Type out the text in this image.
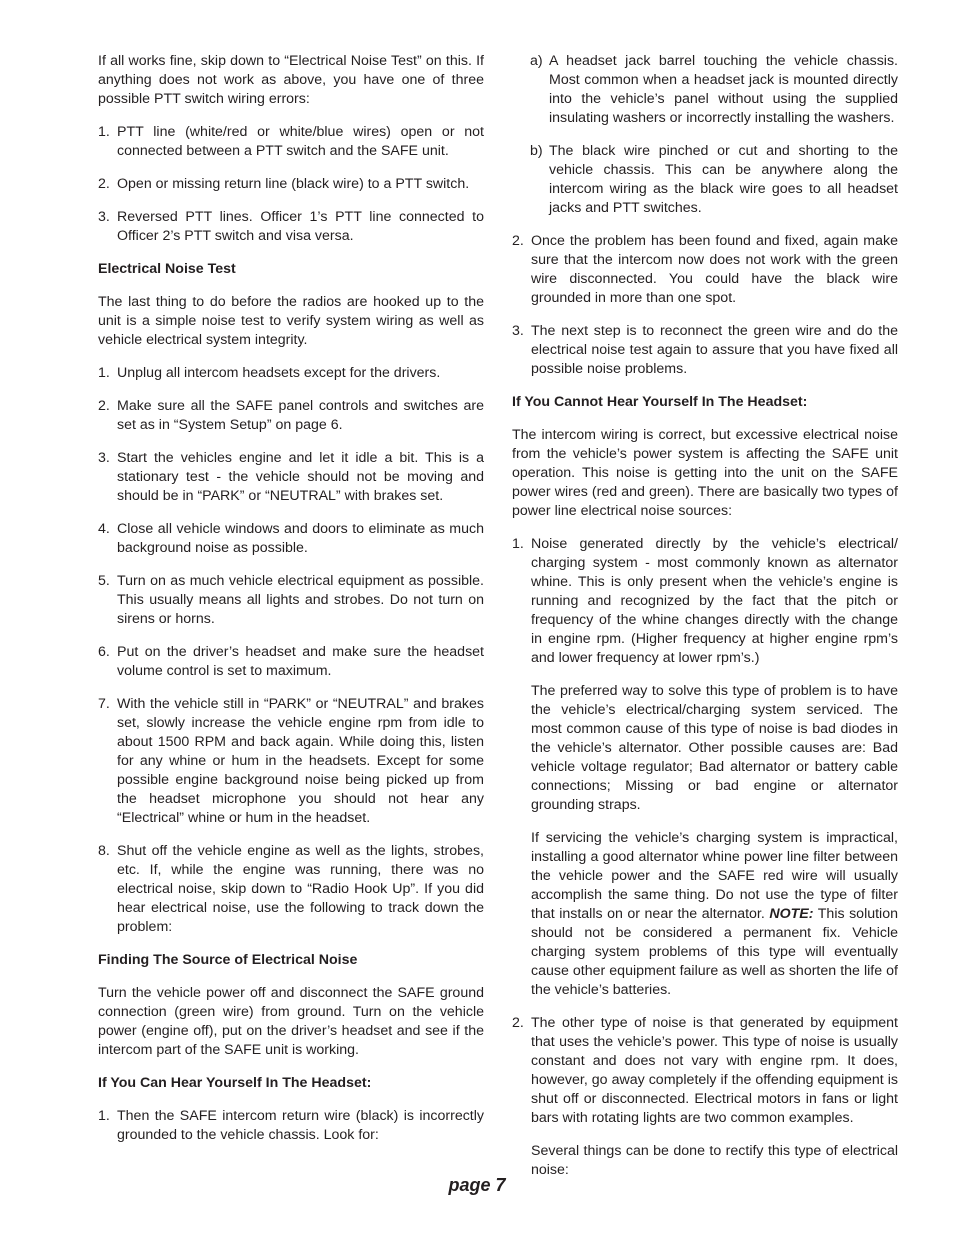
If all works fine, skip down to “Electrical Noise Test” on this. If anything does not work as above, you have one of three possible PTT switch wiring errors:

1. PTT line (white/red or white/blue wires) open or not connected between a PTT switch and the SAFE unit.
2. Open or missing return line (black wire) to a PTT switch.
3. Reversed PTT lines. Officer 1’s PTT line connected to Officer 2’s PTT switch and visa versa.
Electrical Noise Test

The last thing to do before the radios are hooked up to the unit is a simple noise test to verify system wiring as well as vehicle electrical system integrity.

1. Unplug all intercom headsets except for the drivers.
2. Make sure all the SAFE panel controls and switches are set as in “System Setup” on page 6.
3. Start the vehicles engine and let it idle a bit. This is a stationary test - the vehicle should not be moving and should be in “PARK” or “NEUTRAL” with brakes set.
4. Close all vehicle windows and doors to eliminate as much background noise as possible.
5. Turn on as much vehicle electrical equipment as possible. This usually means all lights and strobes. Do not turn on sirens or horns.
6. Put on the driver’s headset and make sure the headset volume control is set to maximum.
7. With the vehicle still in “PARK” or “NEUTRAL” and brakes set, slowly increase the vehicle engine rpm from idle to about 1500 RPM and back again. While doing this, listen for any whine or hum in the headsets. Except for some possible engine background noise being picked up from the headset microphone you should not hear any “Electrical” whine or hum in the headset.
8. Shut off the vehicle engine as well as the lights, strobes, etc. If, while the engine was running, there was no electrical noise, skip down to “Radio Hook Up”. If you did hear electrical noise, use the following to track down the problem:
Finding The Source of Electrical Noise

Turn the vehicle power off and disconnect the SAFE ground connection (green wire) from ground. Turn on the vehicle power (engine off), put on the driver’s headset and see if the intercom part of the SAFE unit is working.

If You Can Hear Yourself In The Headset:
1. Then the SAFE intercom return wire (black) is incorrectly grounded to the vehicle chassis. Look for:
a) A headset jack barrel touching the vehicle chassis. Most common when a headset jack is mounted directly into the vehicle’s panel without using the supplied insulating washers or incorrectly installing the washers.
b) The black wire pinched or cut and shorting to the vehicle chassis. This can be anywhere along the intercom wiring as the black wire goes to all headset jacks and PTT switches.
2. Once the problem has been found and fixed, again make sure that the intercom now does not work with the green wire disconnected. You could have the black wire grounded in more than one spot.
3. The next step is to reconnect the green wire and do the electrical noise test again to assure that you have fixed all possible noise problems.
If You Cannot Hear Yourself In The Headset:

The intercom wiring is correct, but excessive electrical noise from the vehicle’s power system is affecting the SAFE unit operation. This noise is getting into the unit on the SAFE power wires (red and green). There are basically two types of power line electrical noise sources:

1. Noise generated directly by the vehicle’s electrical/ charging system - most commonly known as alternator whine. This is only present when the vehicle’s engine is running and recognized by the fact that the pitch or frequency of the whine changes directly with the change in engine rpm. (Higher frequency at higher engine rpm’s and lower frequency at lower rpm’s.)

The preferred way to solve this type of problem is to have the vehicle’s electrical/charging system serviced. The most common cause of this type of noise is bad diodes in the vehicle’s alternator. Other possible causes are: Bad vehicle voltage regulator; Bad alternator or battery cable connections; Missing or bad engine or alternator grounding straps.

If servicing the vehicle’s charging system is impractical, installing a good alternator whine power line filter between the vehicle power and the SAFE red wire will usually accomplish the same thing. Do not use the type of filter that installs on or near the alternator. NOTE: This solution should not be considered a permanent fix. Vehicle charging system problems of this type will eventually cause other equipment failure as well as shorten the life of the vehicle’s batteries.

2. The other type of noise is that generated by equipment that uses the vehicle’s power. This type of noise is usually constant and does not vary with engine rpm. It does, however, go away completely if the offending equipment is shut off or disconnected. Electrical motors in fans or light bars with rotating lights are two common examples.

Several things can be done to rectify this type of electrical noise:

page 7
